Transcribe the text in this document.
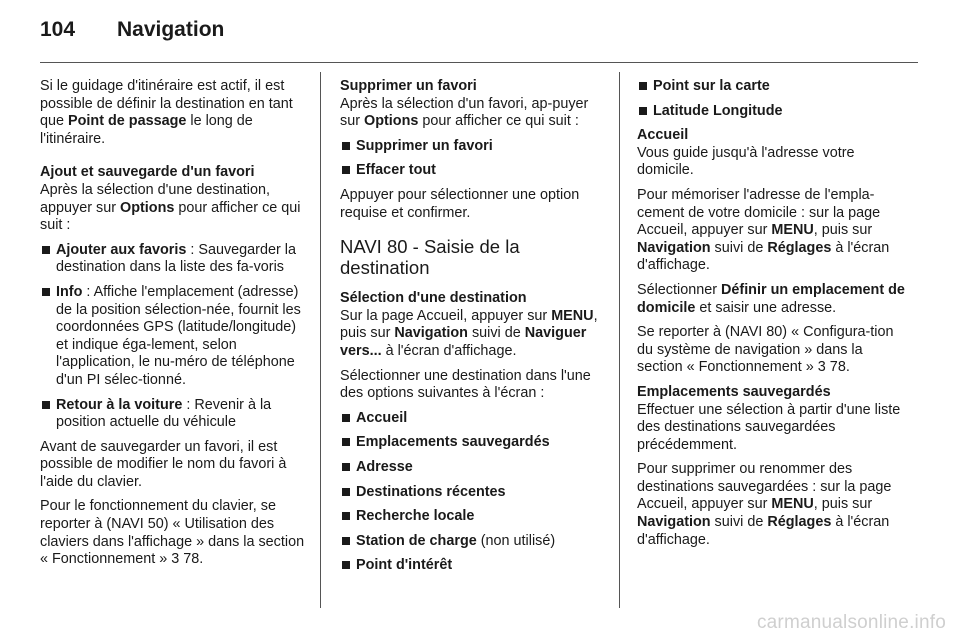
104 Navigation

Si le guidage d'itinéraire est actif, il est possible de définir la destination en tant que Point de passage le long de l'itinéraire.

Ajout et sauvegarde d'un favori

Après la sélection d'une destination, appuyer sur Options pour afficher ce qui suit :

Ajouter aux favoris : Sauvegarder la destination dans la liste des fa-voris
Info : Affiche l'emplacement (adresse) de la position sélection-née, fournit les coordonnées GPS (latitude/longitude) et indique éga-lement, selon l'application, le nu-méro de téléphone d'un PI sélec-tionné.
Retour à la voiture : Revenir à la position actuelle du véhicule

Avant de sauvegarder un favori, il est possible de modifier le nom du favori à l'aide du clavier.

Pour le fonctionnement du clavier, se reporter à (NAVI 50) « Utilisation des claviers dans l'affichage » dans la section « Fonctionnement » 3 78.

Supprimer un favori

Après la sélection d'un favori, ap-puyer sur Options pour afficher ce qui suit :

Supprimer un favori
Effacer tout

Appuyer pour sélectionner une option requise et confirmer.

NAVI 80 - Saisie de la destination

Sélection d'une destination

Sur la page Accueil, appuyer sur MENU, puis sur Navigation suivi de Naviguer vers... à l'écran d'affichage.

Sélectionner une destination dans l'une des options suivantes à l'écran :

Accueil
Emplacements sauvegardés
Adresse
Destinations récentes
Recherche locale
Station de charge (non utilisé)
Point d'intérêt
Point sur la carte
Latitude Longitude

Accueil

Vous guide jusqu'à l'adresse votre domicile.

Pour mémoriser l'adresse de l'empla-cement de votre domicile : sur la page Accueil, appuyer sur MENU, puis sur Navigation suivi de Réglages à l'écran d'affichage.

Sélectionner Définir un emplacement de domicile et saisir une adresse.

Se reporter à (NAVI 80) « Configura-tion du système de navigation » dans la section « Fonctionnement » 3 78.

Emplacements sauvegardés

Effectuer une sélection à partir d'une liste des destinations sauvegardées précédemment.

Pour supprimer ou renommer des destinations sauvegardées : sur la page Accueil, appuyer sur MENU, puis sur Navigation suivi de Réglages à l'écran d'affichage.

carmanualsonline.info
